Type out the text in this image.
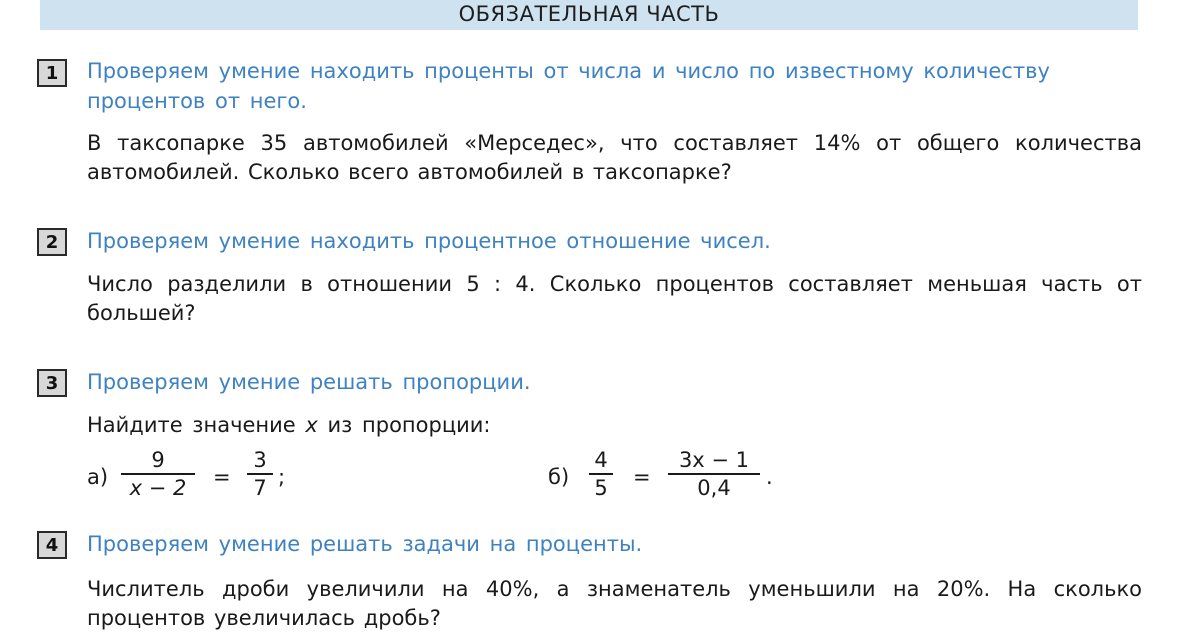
ОБЯЗАТЕЛЬНАЯ ЧАСТЬ
1	Проверяем умение находить проценты от числа и число по известному количеству
процентов от него.
В таксопарке 35 автомобилей «Мерседес», что составляет 14% от общего количества автомобилей. Сколько всего автомобилей в таксопарке?
2	Проверяем умение находить процентное отношение чисел.
Число разделили в отношении 5 : 4. Сколько процентов составляет меньшая часть от большей?
3	Проверяем умение решать пропорции.
Найдите значение x из пропорции:
а)
9
x − 2	=
3
7 ;	б)
4
5 =
3x − 1
0,4	.
4	Проверяем умение решать задачи на проценты.
Числитель дроби увеличили на 40%, а знаменатель уменьшили на 20%. На сколько процентов увеличилась дробь?
